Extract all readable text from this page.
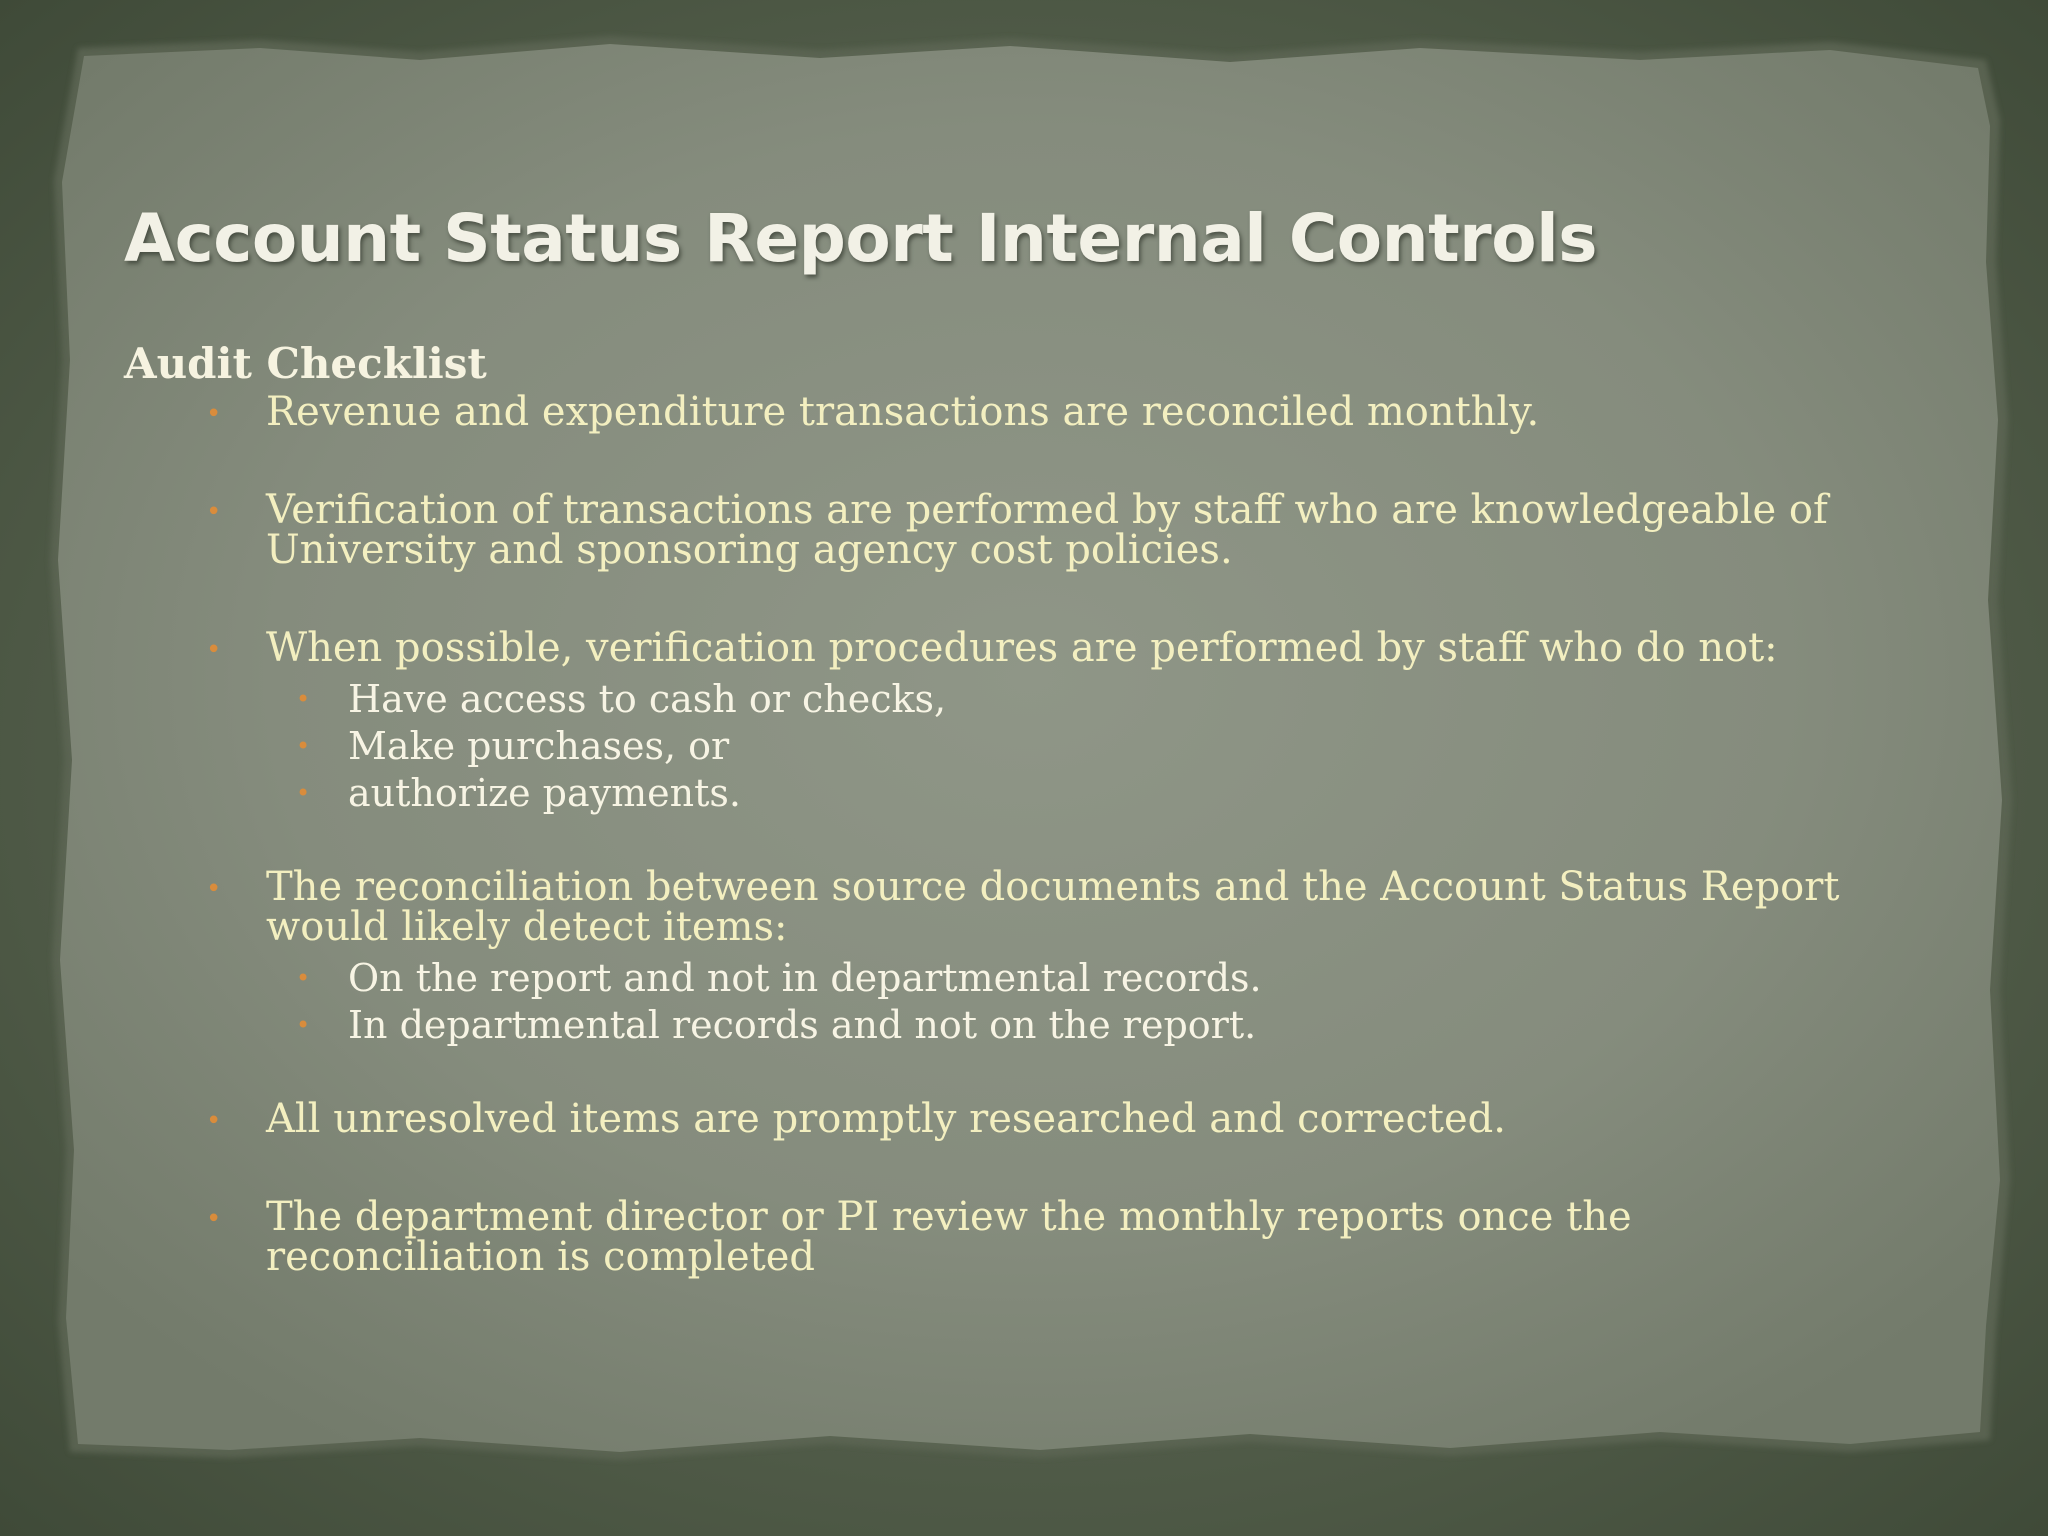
Account Status Report Internal Controls
Audit Checklist
• Revenue and expenditure transactions are reconciled monthly.
• Verification of transactions are performed by staff who are knowledgeable of University and sponsoring agency cost policies.
• When possible, verification procedures are performed by staff who do not:
• Have access to cash or checks,
• Make purchases, or
• authorize payments.
• The reconciliation between source documents and the Account Status Report would likely detect items:
• On the report and not in departmental records.
• In departmental records and not on the report.
• All unresolved items are promptly researched and corrected.
• The department director or PI review the monthly reports once the reconciliation is completed
